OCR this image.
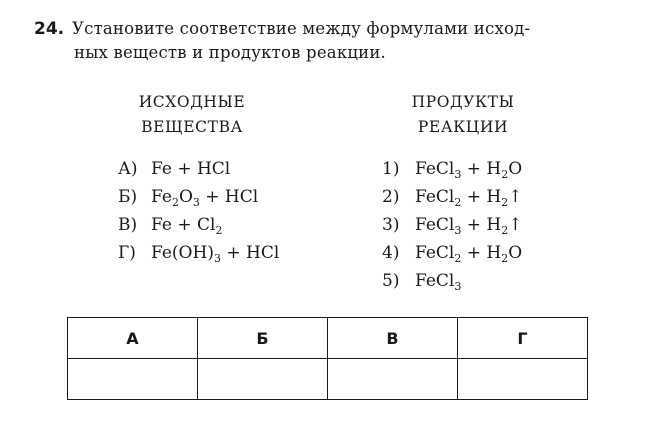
24. Установите соответствие между формулами исход-
ных веществ и продуктов реакции.
ИСХОДНЫЕ
ВЕЩЕСТВА
ПРОДУКТЫ
РЕАКЦИИ
А) Fe + HCl
Б) $Fe_2O_3$ + HCl
В) $Fe + Cl_2$
Г) $Fe(OH)_3$ + HCl
1) FeCl$_3$ + $H_2O$
2) FeCl$_2$ + $H_2↑$
3) FeCl$_3$ + $H_2↑$
4) FeCl$_2$ + $H_2O$
5) FeCl$_3$
А	Б	В	Г
